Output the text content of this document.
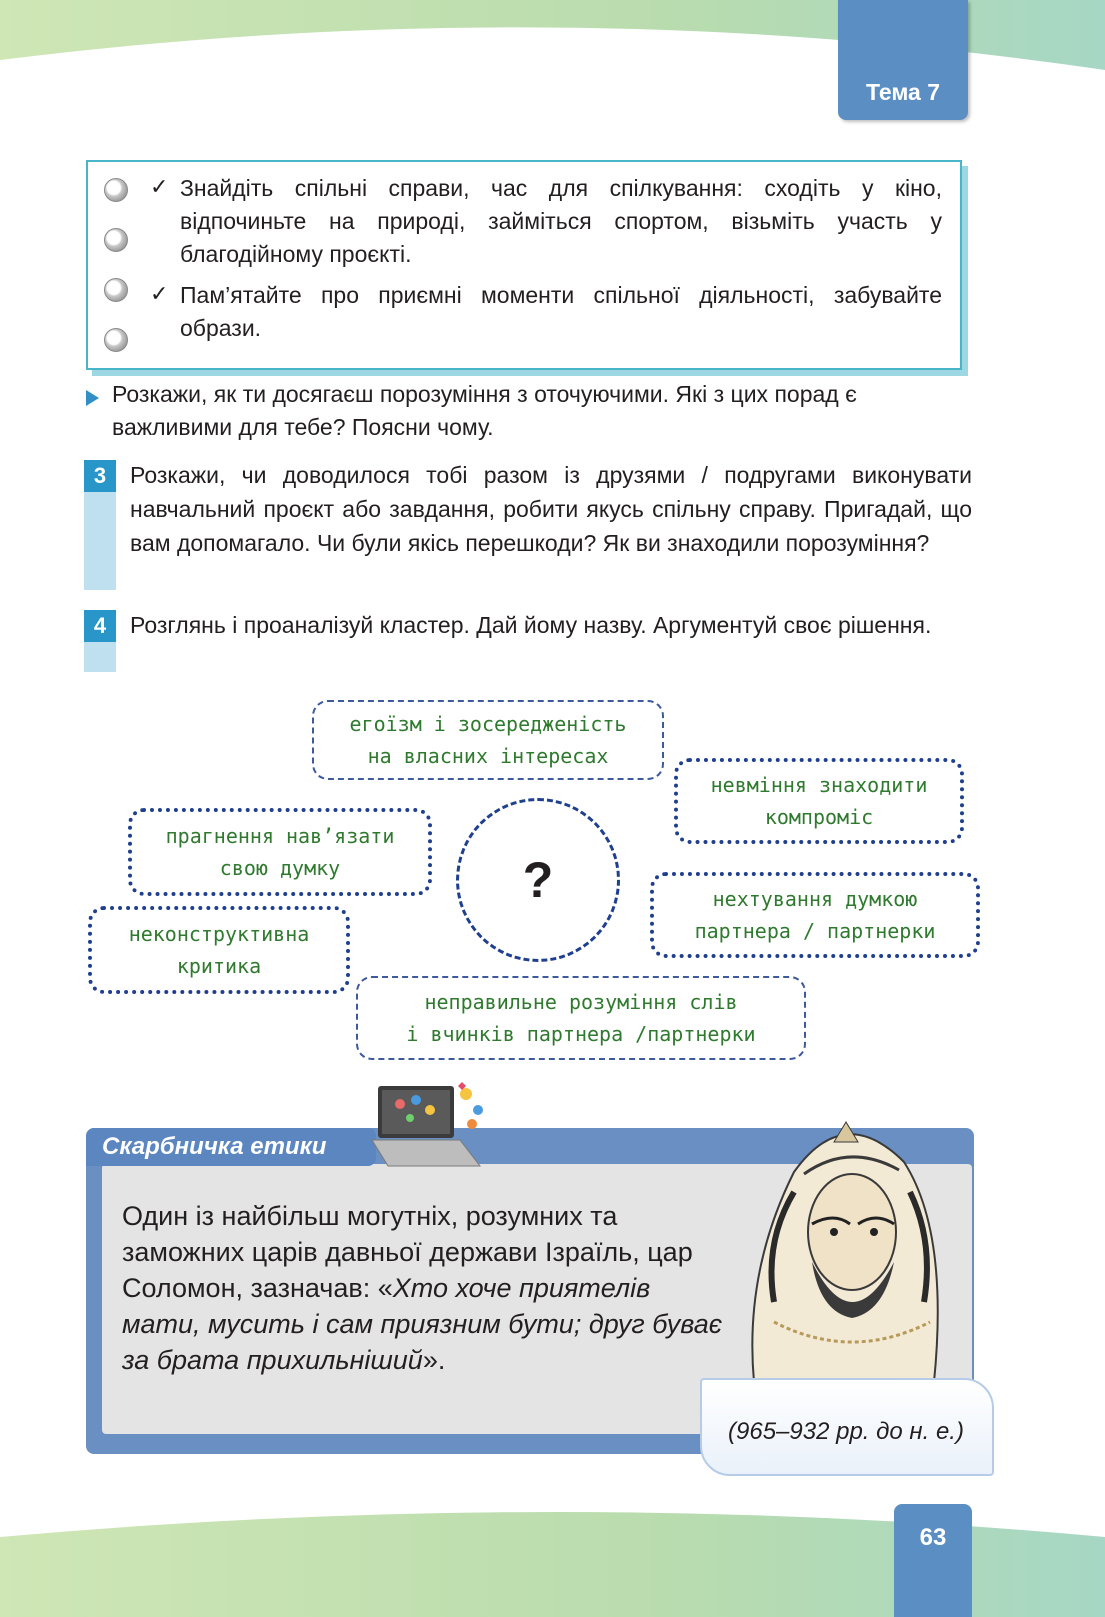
Тема 7
✓ Знайдіть спільні справи, час для спілкування: сходіть у кіно, відпочиньте на природі, займіться спортом, візьміть участь у благодійному проєкті.
✓ Пам’ятайте про приємні моменти спільної діяльності, забувайте образи.
Розкажи, як ти досягаєш порозуміння з оточуючими. Які з цих порад є важливими для тебе? Поясни чому.
3	Розкажи, чи доводилося тобі разом із друзями / подругами виконувати навчальний проєкт або завдання, робити якусь спільну справу. Пригадай, що вам допомагало. Чи були якісь перешкоди? Як ви знаходили порозуміння?
4	Розглянь і проаналізуй кластер. Дай йому назву. Аргументуй своє рішення.
?
егоїзм і зосередженість
на власних інтересах
невміння знаходити
компроміс
прагнення нав’язати
свою думку
нехтування думкою
партнера / партнерки
неконструктивна
критика
неправильне розуміння слів
і вчинків партнера /партнерки
Скарбничка етики
Один із найбільш могутніх, розумних та заможних царів давньої держави Ізраїль, цар Соломон, зазначав: «Хто хоче приятелів мати, мусить і сам приязним бути; друг буває за брата прихильніший».
(965–932 рр. до н. е.)
63
